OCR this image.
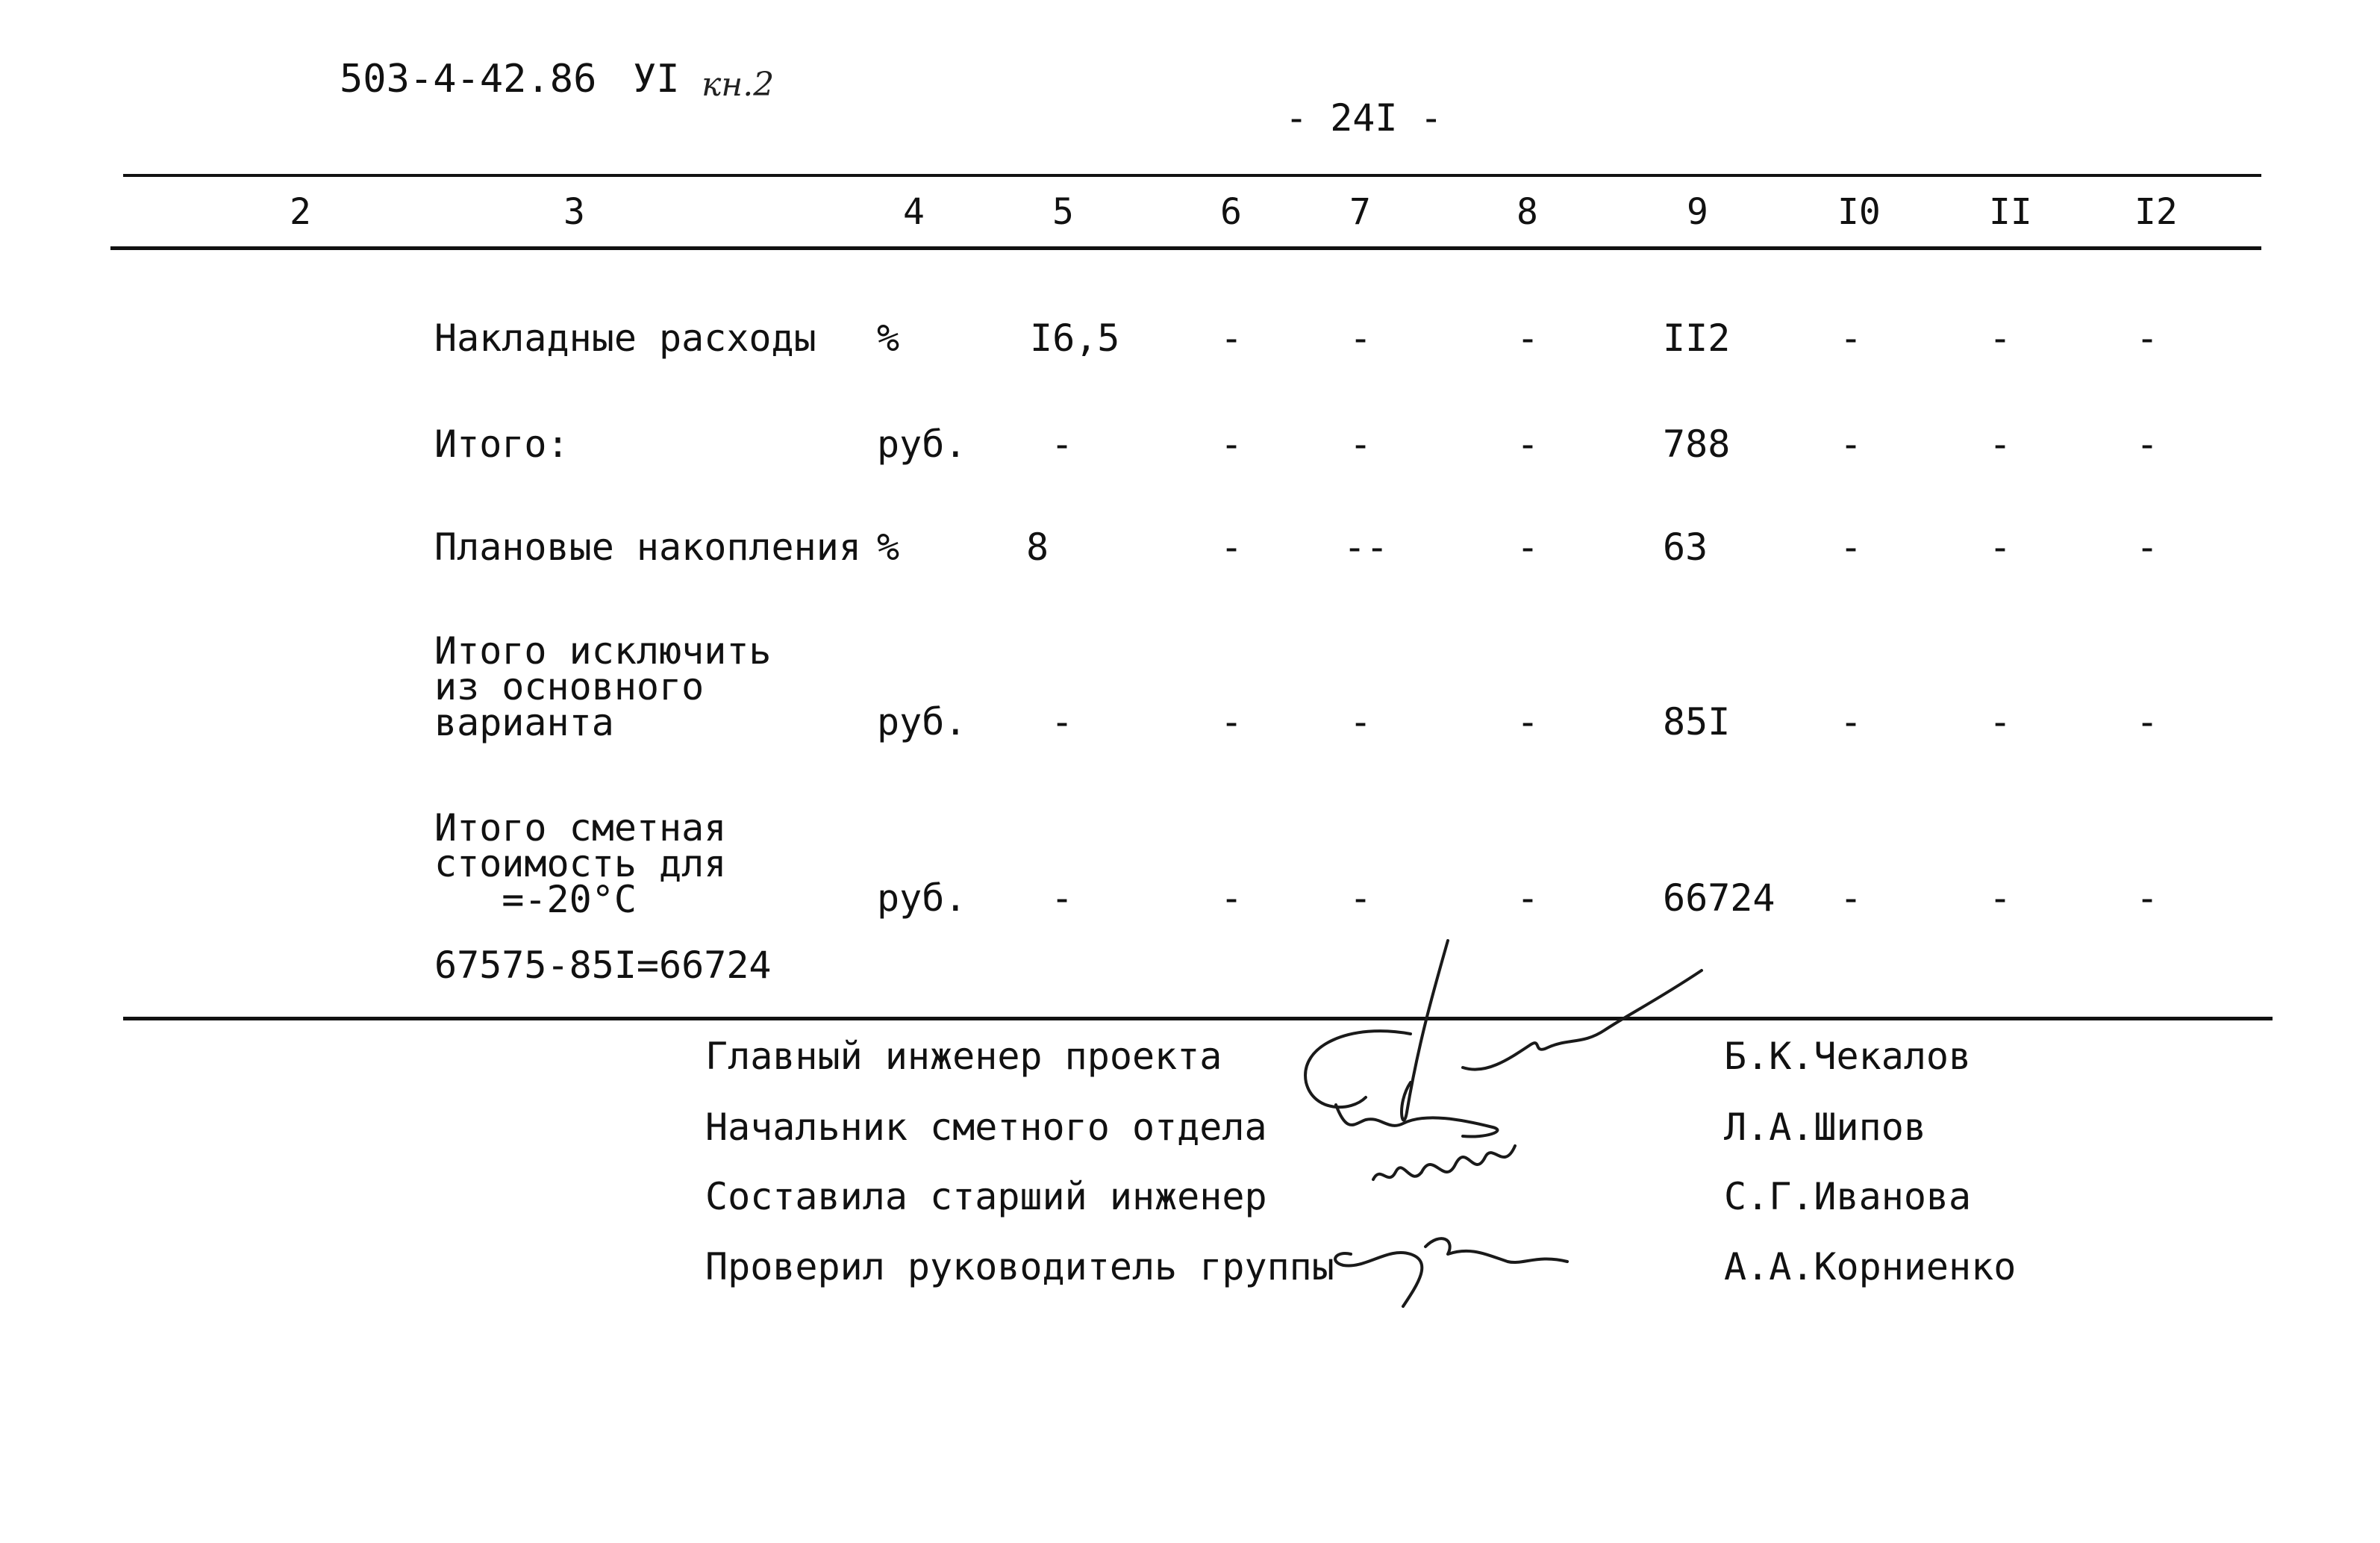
503-4-42.86 УI кн.2
- 24I -
2	3	4	5	6	7	8	9	I0	II	I2
Накладные расходы %	I6,5	-	-	-	II2	-	-	-
Итого:	руб. -	-	-	-	788	-	-	-
Плановые накопления %	8	-	--	-	63	-	-	-
Итого исключить
из основного
варианта	руб. -	-	-	-	85I	-	-	-
Итого сметная
стоимость для
=-20°C	руб. -	-	-	-	66724 -	-	-
67575-85I=66724
Главный инженер проекта	Б.К.Чекалов
Начальник сметного отдела	Л.А.Шипов
Составила старший инженер	С.Г.Иванова
Проверил руководитель группы	А.А.Корниенко
